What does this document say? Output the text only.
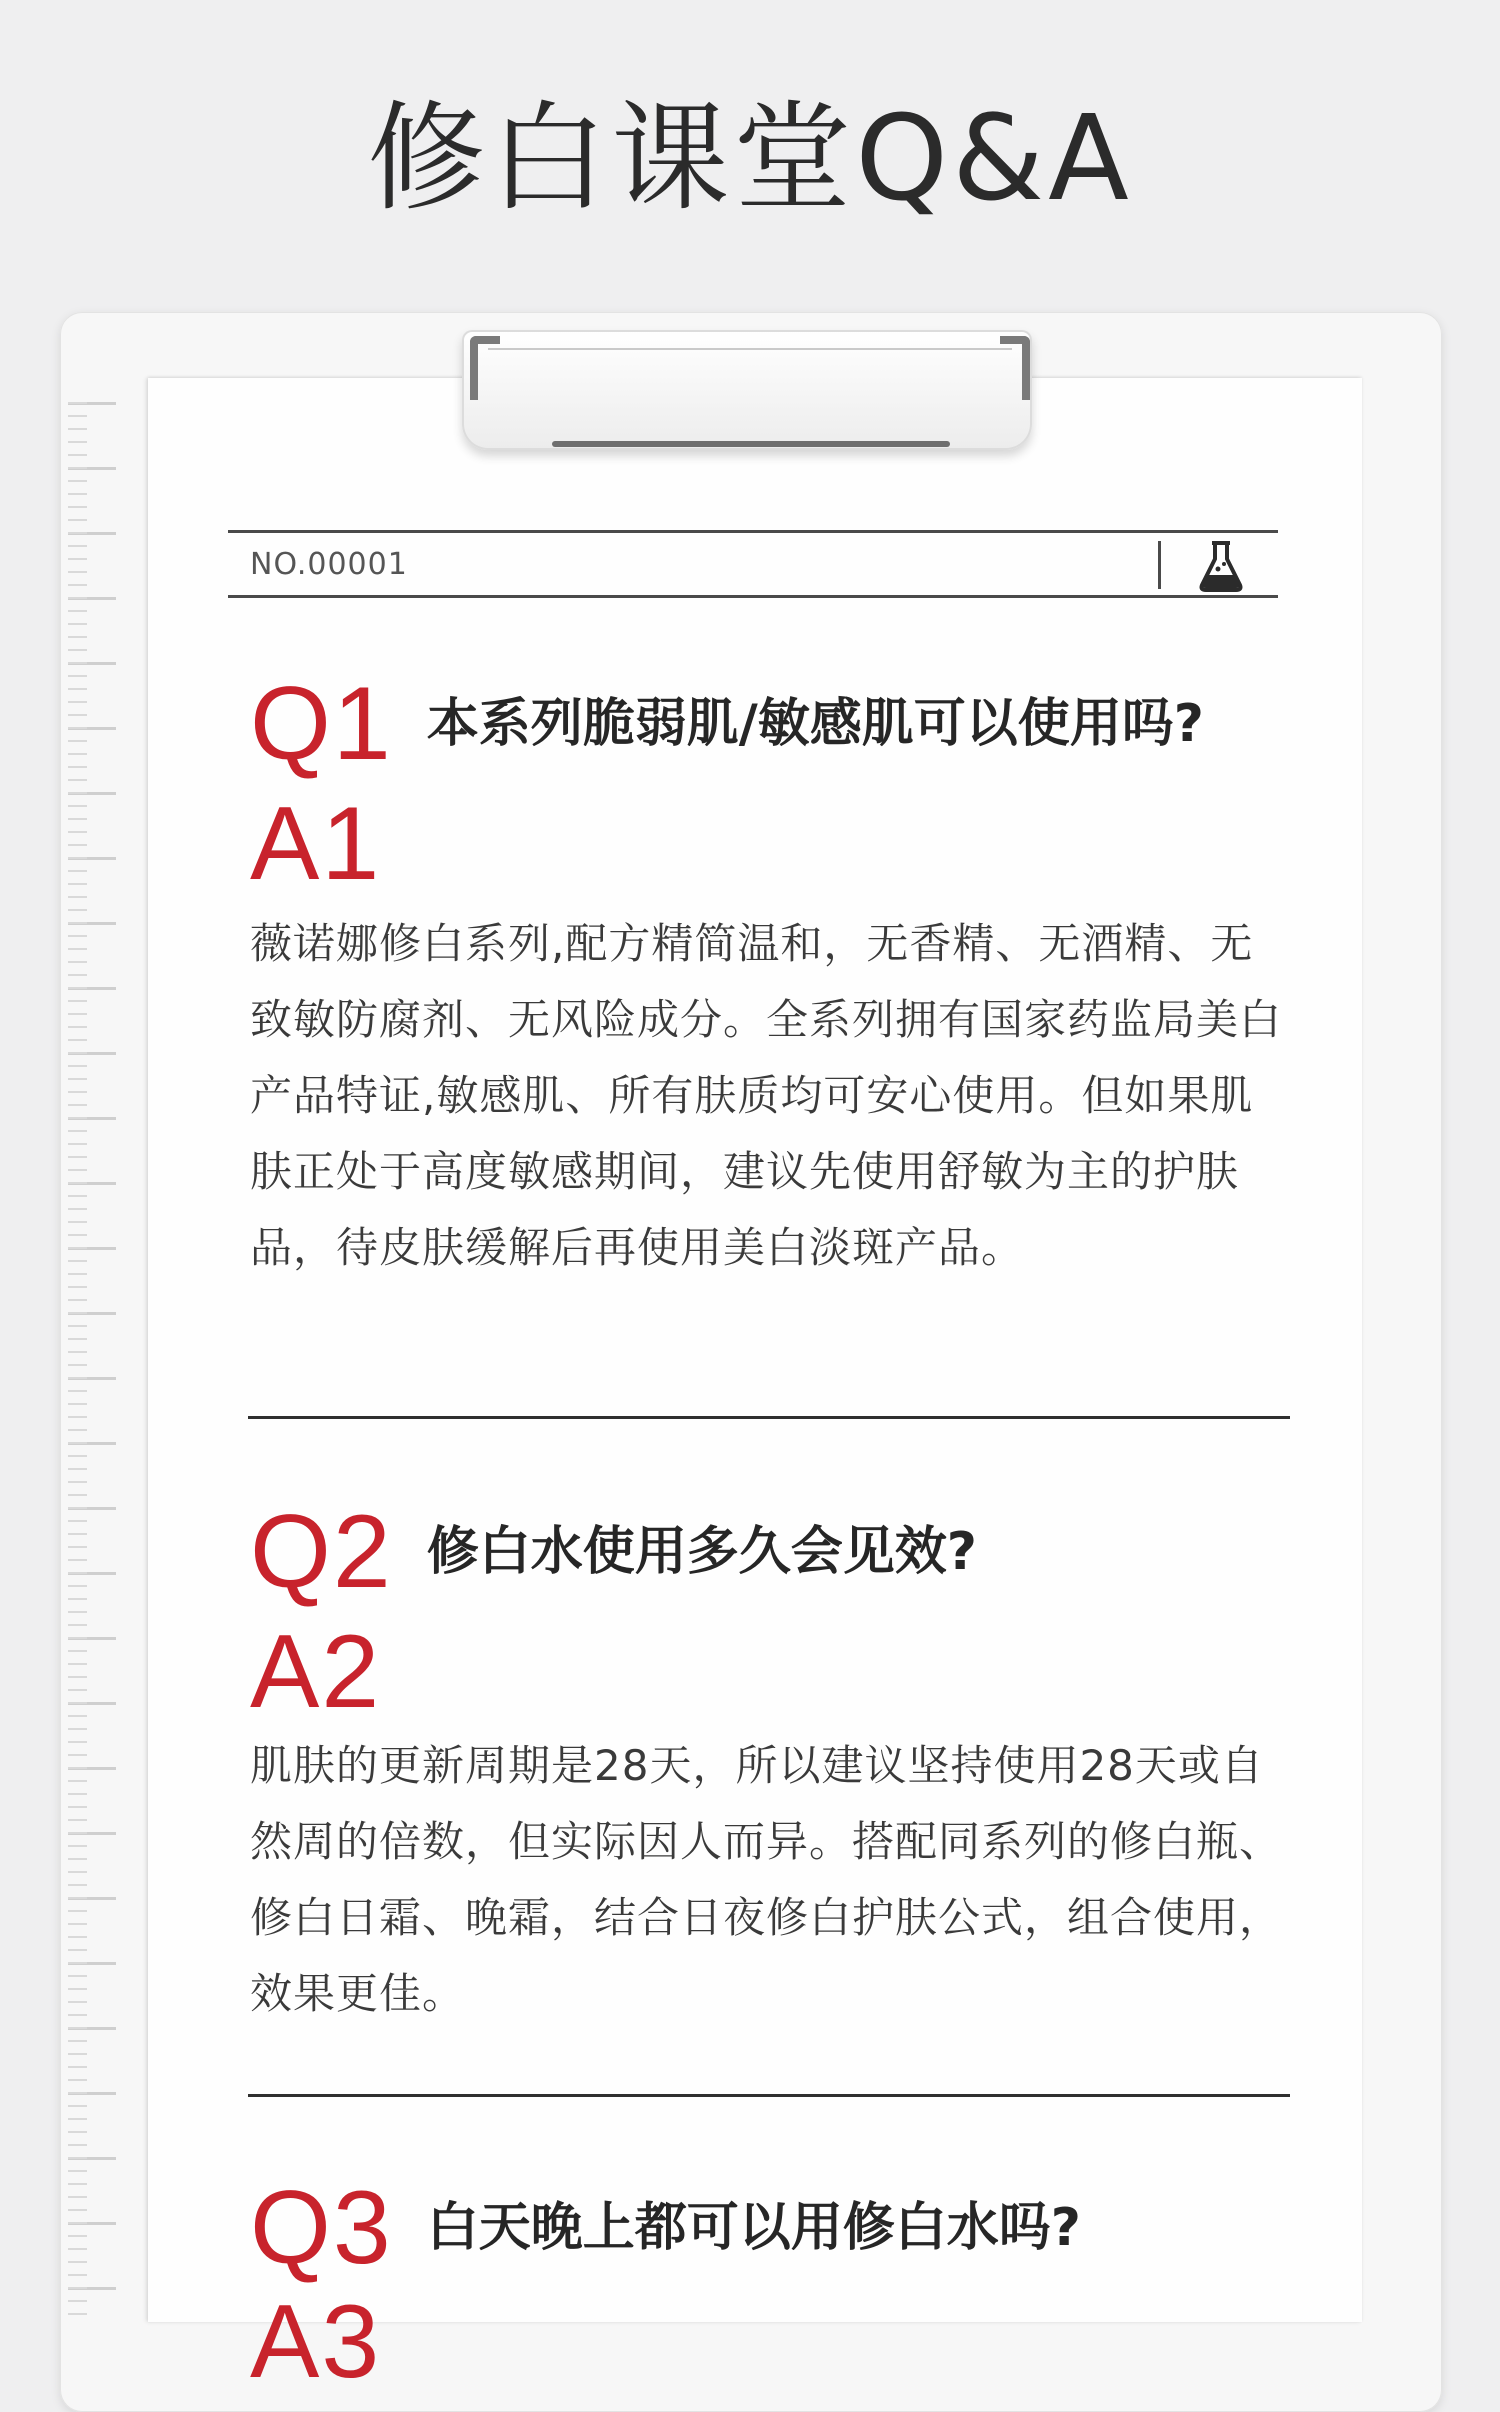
修白课堂Q&A
NO.00001
Q1 本系列脆弱肌/敏感肌可以使用吗?
A1
薇诺娜修白系列,配方精简温和，无香精、无酒精、无致敏防腐剂、无风险成分。全系列拥有国家药监局美白产品特证,敏感肌、所有肤质均可安心使用。但如果肌肤正处于高度敏感期间，建议先使用舒敏为主的护肤品，待皮肤缓解后再使用美白淡斑产品。
Q2 修白水使用多久会见效?
A2
肌肤的更新周期是28天，所以建议坚持使用28天或自然周的倍数，但实际因人而异。搭配同系列的修白瓶、修白日霜、晚霜，结合日夜修白护肤公式，组合使用，效果更佳。
Q3 白天晚上都可以用修白水吗?
A3
